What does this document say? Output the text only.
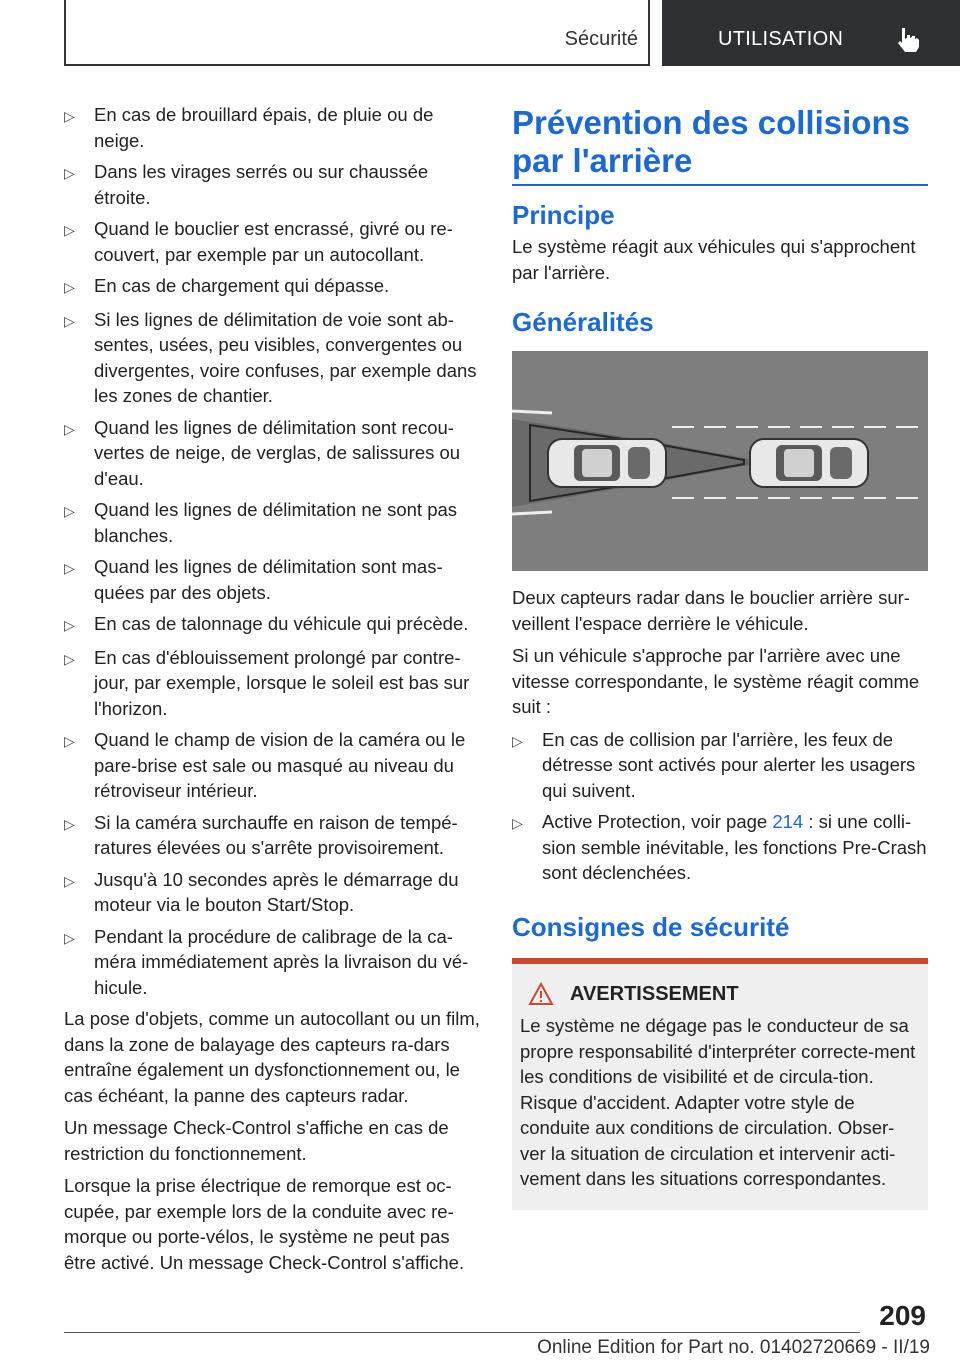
Sécurité	UTILISATION
▷	En cas de brouillard épais, de pluie ou de neige.
▷	Dans les virages serrés ou sur chaussée étroite.
▷	Quand le bouclier est encrassé, givré ou re-couvert, par exemple par un autocollant.
▷	En cas de chargement qui dépasse.
▷	Si les lignes de délimitation de voie sont ab-sentes, usées, peu visibles, convergentes ou divergentes, voire confuses, par exemple dans les zones de chantier.
▷	Quand les lignes de délimitation sont recou-vertes de neige, de verglas, de salissures ou d'eau.
▷	Quand les lignes de délimitation ne sont pas blanches.
▷	Quand les lignes de délimitation sont mas-quées par des objets.
▷	En cas de talonnage du véhicule qui précède.
▷	En cas d'éblouissement prolongé par contre-jour, par exemple, lorsque le soleil est bas sur l'horizon.
▷	Quand le champ de vision de la caméra ou le pare-brise est sale ou masqué au niveau du rétroviseur intérieur.
▷	Si la caméra surchauffe en raison de tempé-ratures élevées ou s'arrête provisoirement.
▷	Jusqu'à 10 secondes après le démarrage du moteur via le bouton Start/Stop.
▷	Pendant la procédure de calibrage de la ca-méra immédiatement après la livraison du vé-hicule.

La pose d'objets, comme un autocollant ou un film, dans la zone de balayage des capteurs ra-dars entraîne également un dysfonctionnement ou, le cas échéant, la panne des capteurs radar.

Un message Check-Control s'affiche en cas de restriction du fonctionnement.

Lorsque la prise électrique de remorque est oc-cupée, par exemple lors de la conduite avec re-morque ou porte-vélos, le système ne peut pas être activé. Un message Check-Control s'affiche.

Prévention des collisions par l'arrière
Principe

Le système réagit aux véhicules qui s'approchent par l'arrière.

Généralités

Deux capteurs radar dans le bouclier arrière sur-veillent l'espace derrière le véhicule.

Si un véhicule s'approche par l'arrière avec une vitesse correspondante, le système réagit comme suit :

▷	En cas de collision par l'arrière, les feux de détresse sont activés pour alerter les usagers qui suivent.
▷	Active Protection, voir page 214 : si une colli-sion semble inévitable, les fonctions Pre-Crash sont déclenchées.
Consignes de sécurité
AVERTISSEMENT
Le système ne dégage pas le conducteur de sa propre responsabilité d'interpréter correcte-ment les conditions de visibilité et de circula-tion. Risque d'accident. Adapter votre style de conduite aux conditions de circulation. Obser-ver la situation de circulation et intervenir acti-vement dans les situations correspondantes.
209
Online Edition for Part no. 01402720669 - II/19
